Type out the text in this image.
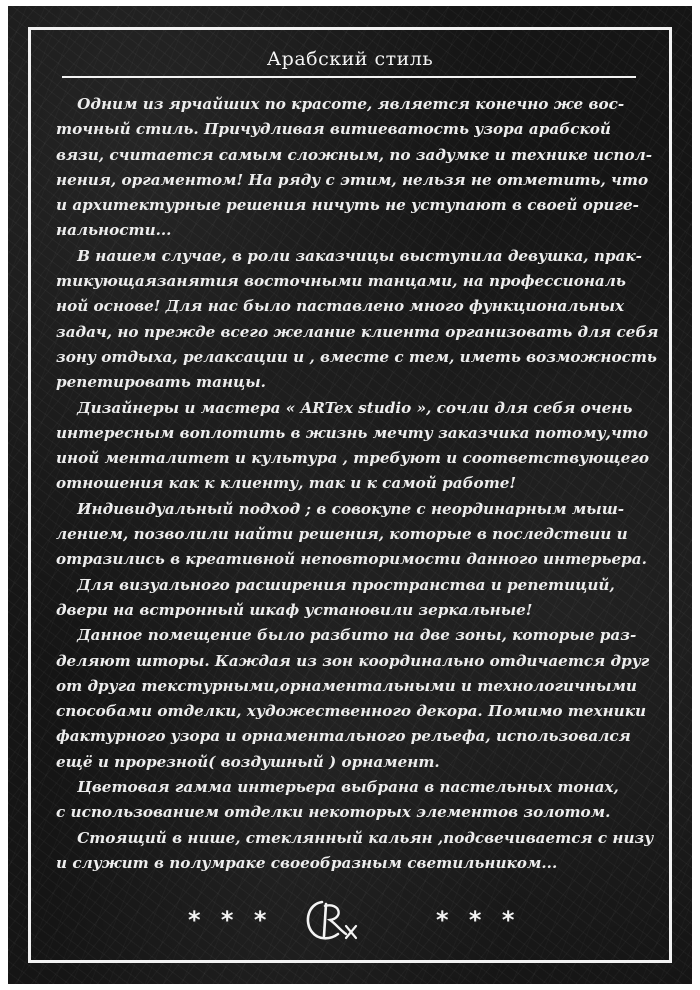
Арабский стиль
Одним из ярчайших по красоте, является конечно же вос-
точный стиль. Причудливая витиеватость узора арабской
вязи, считается самым сложным, по задумке и технике испол-
нения, оргаментом! На ряду с этим, нельзя не отметить, что
и архитектурные решения ничуть не уступают в своей ориге-
нальности...
В нашем случае, в роли заказчицы выступила девушка, прак-
тикующаязанятия восточными танцами, на профессиональ
ной основе! Для нас было паставлено много функциональных
задач, но прежде всего желание клиента организовать для себя
зону отдыха, релаксации и , вместе с тем, иметь возможность
репетировать танцы.
Дизайнеры и мастера « ARTex studio », сочли для себя очень
интересным воплотить в жизнь мечту заказчика потому,что
иной менталитет и культура , требуют и соответствующего
отношения как к клиенту, так и к самой работе!
Индивидуальный подход ; в совокупе с неординарным мыш-
лением, позволили найти решения, которые в последствии и
отразились в креативной неповторимости данного интерьера.
Для визуального расширения пространства и репетиций,
двери на встронный шкаф установили зеркальные!
Данное помещение было разбито на две зоны, которые раз-
деляют шторы. Каждая из зон координально отдичается друг
от друга текстурными,орнаментальными и технологичными
способами отделки, художественного декора. Помимо техники
фактурного узора и орнаментального рельефа, использовался
ещё и прорезной( воздушный ) орнамент.
Цветовая гамма интерьера выбрана в пастельных тонах,
с использованием отделки некоторых элементов золотом.
Стоящий в нише, стеклянный кальян ,подсвечивается с низу
и служит в полумраке своеобразным светильником...
* * *	* * *
